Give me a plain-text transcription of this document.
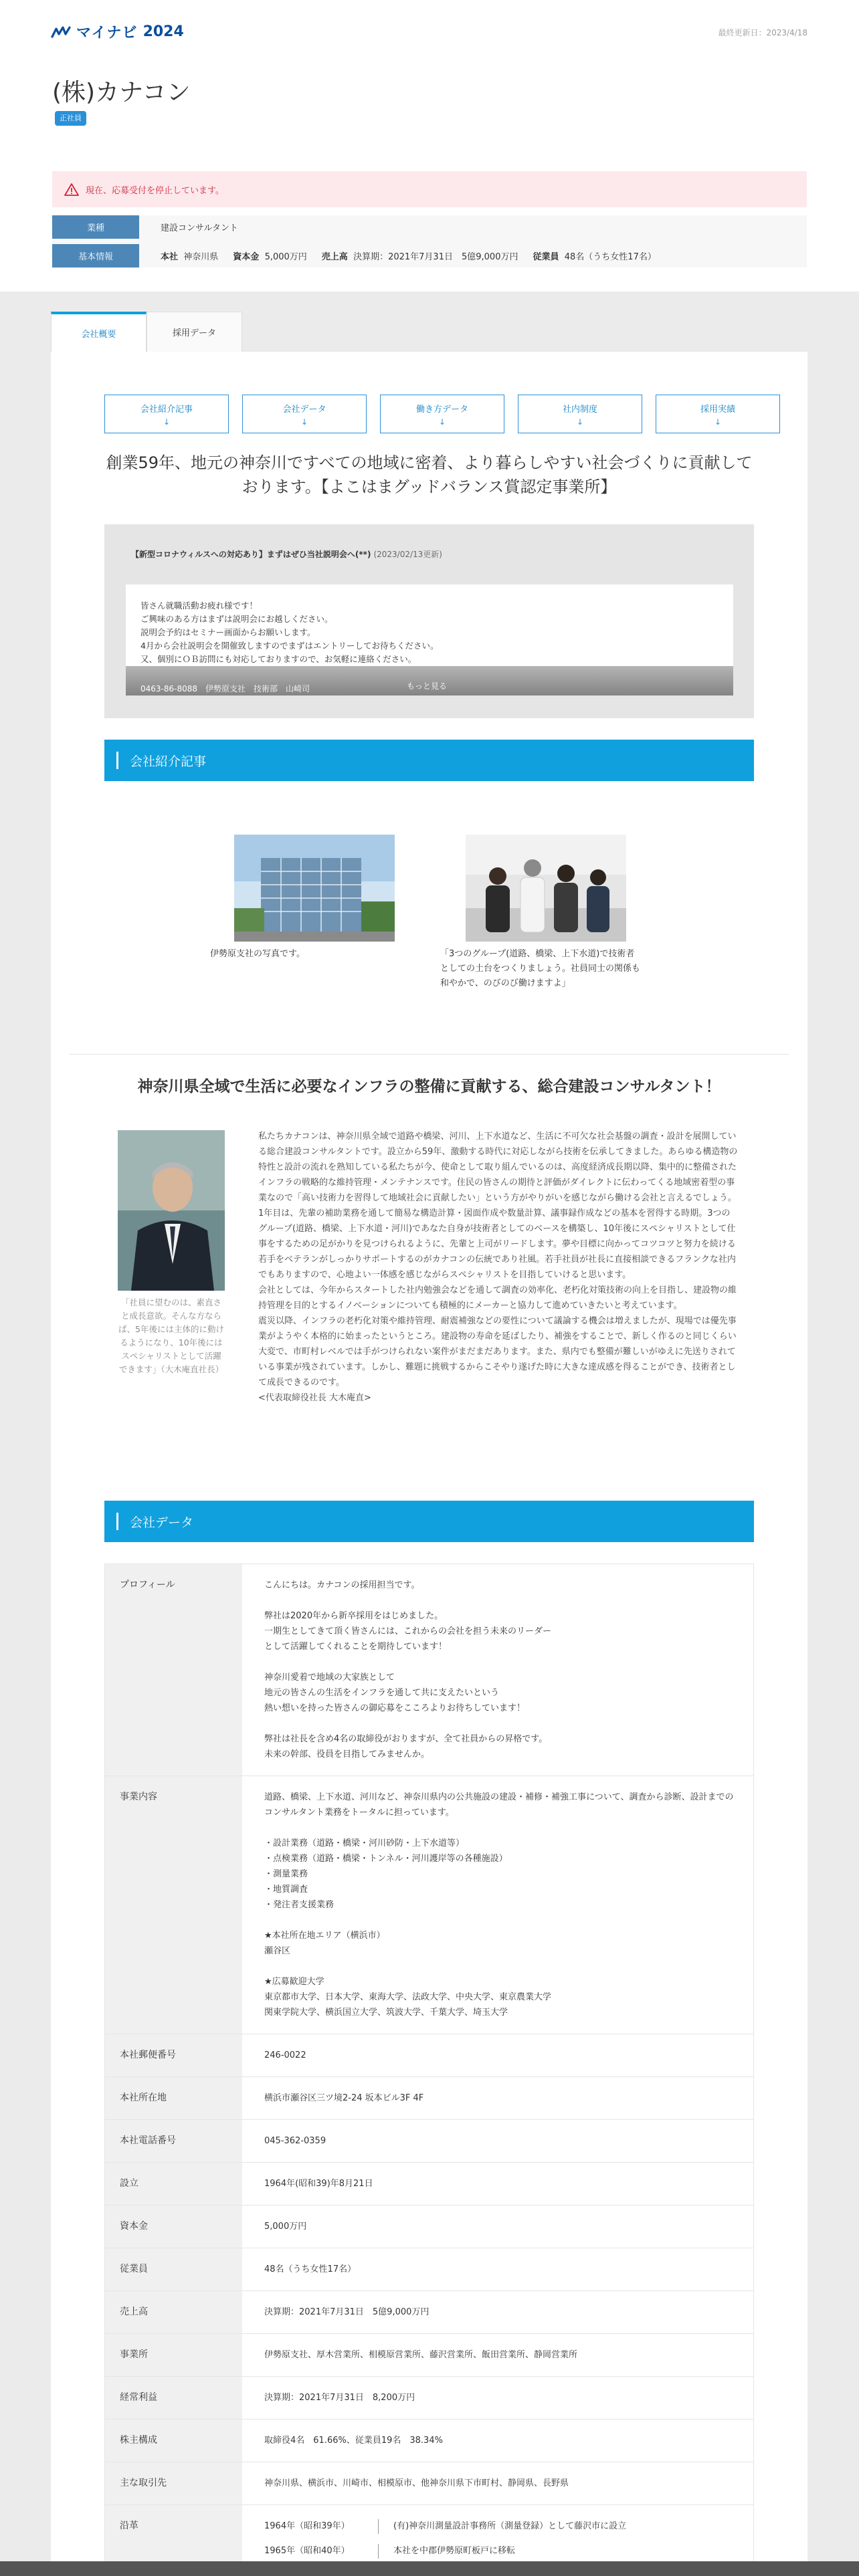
マイナビ 2024	最終更新日：2023/4/18
(株)カナコン
正社員
現在、応募受付を停止しています。
業種	建設コンサルタント
基本情報	本社 神奈川県 資本金 5,000万円 売上高 決算期：2021年7月31日　5億9,000万円 従業員 48名（うち女性17名）
会社概要	採用データ
会社紹介記事
↓
会社データ
↓
働き方データ
↓
社内制度
↓
採用実績
↓

創業59年、地元の神奈川ですべての地域に密着、より暮らしやすい社会づくりに貢献しております。【よこはまグッドバランス賞認定事業所】

【新型コロナウィルスへの対応あり】まずはぜひ当社説明会へ(**) (2023/02/13更新)

皆さん就職活動お疲れ様です！

ご興味のある方はまずは説明会にお越しください。

説明会予約はセミナー画面からお願いします。

4月から会社説明会を開催致しますのでまずはエントリーしてお待ちください。

又、個別にＯＢ訪問にも対応しておりますので、お気軽に連絡ください。

0463-86-8088　伊勢原支社　技術部　山崎司	もっと見る
会社紹介記事
伊勢原支社の写真です。	「3つのグループ(道路、橋梁、上下水道)で技術者としての土台をつくりましょう。社員同士の関係も和やかで、のびのび働けますよ」
神奈川県全域で生活に必要なインフラの整備に貢献する、総合建設コンサルタント！

「社員に望むのは、素直さと成長意欲。そんな方ならば、5年後には主体的に動けるようになり、10年後にはスペシャリストとして活躍できます」（大木庵直社長）

私たちカナコンは、神奈川県全域で道路や橋梁、河川、上下水道など、生活に不可欠な社会基盤の調査・設計を展開している総合建設コンサルタントです。設立から59年、激動する時代に対応しながら技術を伝承してきました。あらゆる構造物の特性と設計の流れを熟知している私たちが今、使命として取り組んでいるのは、高度経済成長期以降、集中的に整備されたインフラの戦略的な維持管理・メンテナンスです。住民の皆さんの期待と評価がダイレクトに伝わってくる地域密着型の事業なので「高い技術力を習得して地域社会に貢献したい」という方がやりがいを感じながら働ける会社と言えるでしょう。

1年目は、先輩の補助業務を通して簡易な構造計算・図面作成や数量計算、議事録作成などの基本を習得する時期。3つのグループ(道路、橋梁、上下水道・河川)であなた自身が技術者としてのベースを構築し、10年後にスペシャリストとして仕事をするための足がかりを見つけられるように、先輩と上司がリードします。夢や目標に向かってコツコツと努力を続ける若手をベテランがしっかりサポートするのがカナコンの伝統であり社風。若手社員が社長に直接相談できるフランクな社内でもありますので、心地よい一体感を感じながらスペシャリストを目指していけると思います。

会社としては、今年からスタートした社内勉強会などを通して調査の効率化、老朽化対策技術の向上を目指し、建設物の維持管理を目的とするイノベーションについても積極的にメーカーと協力して進めていきたいと考えています。

震災以降、インフラの老朽化対策や維持管理、耐震補強などの要性について議論する機会は増えましたが、現場では優先事業がようやく本格的に始まったというところ。建設物の寿命を延ばしたり、補強をすることで、新しく作るのと同じくらい大変で、市町村レベルでは手がつけられない案件がまだまだあります。また、県内でも整備が難しいがゆえに先送りされている事業が残されています。しかし、難題に挑戦するからこそやり遂げた時に大きな達成感を得ることができ、技術者として成長できるのです。

<代表取締役社長 大木庵直>

会社データ
プロフィール	こんにちは。カナコンの採用担当です。

弊社は2020年から新卒採用をはじめました。
一期生としてきて頂く皆さんには、これからの会社を担う未来のリーダー
として活躍してくれることを期待しています！

神奈川愛着で地域の大家族として
地元の皆さんの生活をインフラを通して共に支えたいという
熱い想いを持った皆さんの御応募をこころよりお待ちしています！

弊社は社長を含め4名の取締役がおりますが、全て社員からの昇格です。
未来の幹部、役員を目指してみませんか。

事業内容	道路、橋梁、上下水道、河川など、神奈川県内の公共施設の建設・補修・補強工事について、調査から診断、設計までのコンサルタント業務をトータルに担っています。

・設計業務（道路・橋梁・河川砂防・上下水道等）
・点検業務（道路・橋梁・トンネル・河川護岸等の各種施設）
・測量業務
・地質調査
・発注者支援業務

★本社所在地エリア（横浜市）
瀬谷区

★広募歓迎大学
東京都市大学、日本大学、東海大学、法政大学、中央大学、東京農業大学
関東学院大学、横浜国立大学、筑波大学、千葉大学、埼玉大学

本社郵便番号	246-0022

本社所在地	横浜市瀬谷区三ツ境2-24 坂本ビル3F 4F

本社電話番号	045-362-0359

設立	1964年(昭和39)年8月21日

資本金	5,000万円

従業員	48名（うち女性17名）

売上高	決算期：2021年7月31日　5億9,000万円

事業所	伊勢原支社、厚木営業所、相模原営業所、藤沢営業所、飯田営業所、静岡営業所

経常利益	決算期：2021年7月31日　8,200万円

株主構成	取締役4名　61.66%、従業員19名　38.34%

主な取引先	神奈川県、横浜市、川崎市、相模原市、他神奈川県下市町村、静岡県、長野県

沿革	1964年（昭和39年）	(有)神奈川測量設計事務所（測量登録）として藤沢市に設立
1965年（昭和40年）	本社を中郡伊勢原町板戸に移転
